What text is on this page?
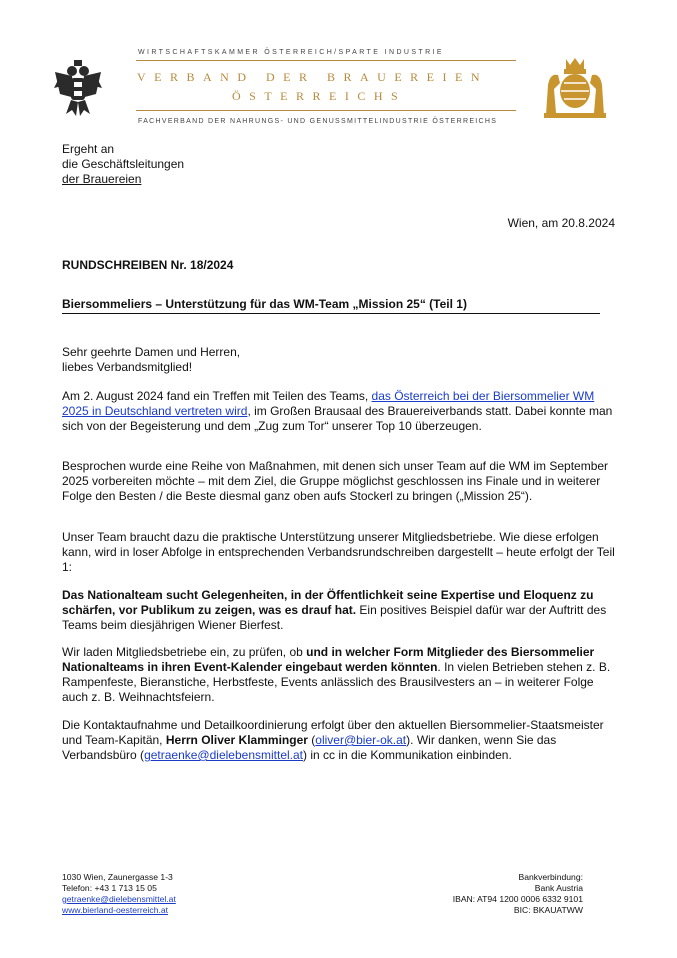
WIRTSCHAFTSKAMMER ÖSTERREICH/SPARTE INDUSTRIE
VERBAND DER BRAUEREIEN
ÖSTERREICHS
FACHVERBAND DER NAHRUNGS- UND GENUSSMITTELINDUSTRIE ÖSTERREICHS
Ergeht an
die Geschäftsleitungen
der Brauereien
Wien, am 20.8.2024
RUNDSCHREIBEN Nr. 18/2024
Biersommeliers – Unterstützung für das WM-Team „Mission 25“ (Teil 1)
Sehr geehrte Damen und Herren,
liebes Verbandsmitglied!
Am 2. August 2024 fand ein Treffen mit Teilen des Teams, das Österreich bei der Biersommelier WM 2025 in Deutschland vertreten wird, im Großen Brausaal des Brauereiverbands statt. Dabei konnte man sich von der Begeisterung und dem „Zug zum Tor“ unserer Top 10 überzeugen.
Besprochen wurde eine Reihe von Maßnahmen, mit denen sich unser Team auf die WM im September 2025 vorbereiten möchte – mit dem Ziel, die Gruppe möglichst geschlossen ins Finale und in weiterer Folge den Besten / die Beste diesmal ganz oben aufs Stockerl zu bringen („Mission 25“).
Unser Team braucht dazu die praktische Unterstützung unserer Mitgliedsbetriebe. Wie diese erfolgen kann, wird in loser Abfolge in entsprechenden Verbandsrundschreiben dargestellt – heute erfolgt der Teil 1:
Das Nationalteam sucht Gelegenheiten, in der Öffentlichkeit seine Expertise und Eloquenz zu schärfen, vor Publikum zu zeigen, was es drauf hat. Ein positives Beispiel dafür war der Auftritt des Teams beim diesjährigen Wiener Bierfest.
Wir laden Mitgliedsbetriebe ein, zu prüfen, ob und in welcher Form Mitglieder des Biersommelier Nationalteams in ihren Event-Kalender eingebaut werden könnten. In vielen Betrieben stehen z. B. Rampenfeste, Bieranstiche, Herbstfeste, Events anlässlich des Brausilvesters an – in weiterer Folge auch z. B. Weihnachtsfeiern.
Die Kontaktaufnahme und Detailkoordinierung erfolgt über den aktuellen Biersommelier-Staatsmeister und Team-Kapitän, Herrn Oliver Klamminger (oliver@bier-ok.at). Wir danken, wenn Sie das Verbandsbüro (getraenke@dielebensmittel.at) in cc in die Kommunikation einbinden.
1030 Wien, Zaunergasse 1-3
Telefon: +43 1 713 15 05
getraenke@dielebensmittel.at
www.bierland-oesterreich.at
Bankverbindung:
Bank Austria
IBAN: AT94 1200 0006 6332 9101
BIC: BKAUATWW
